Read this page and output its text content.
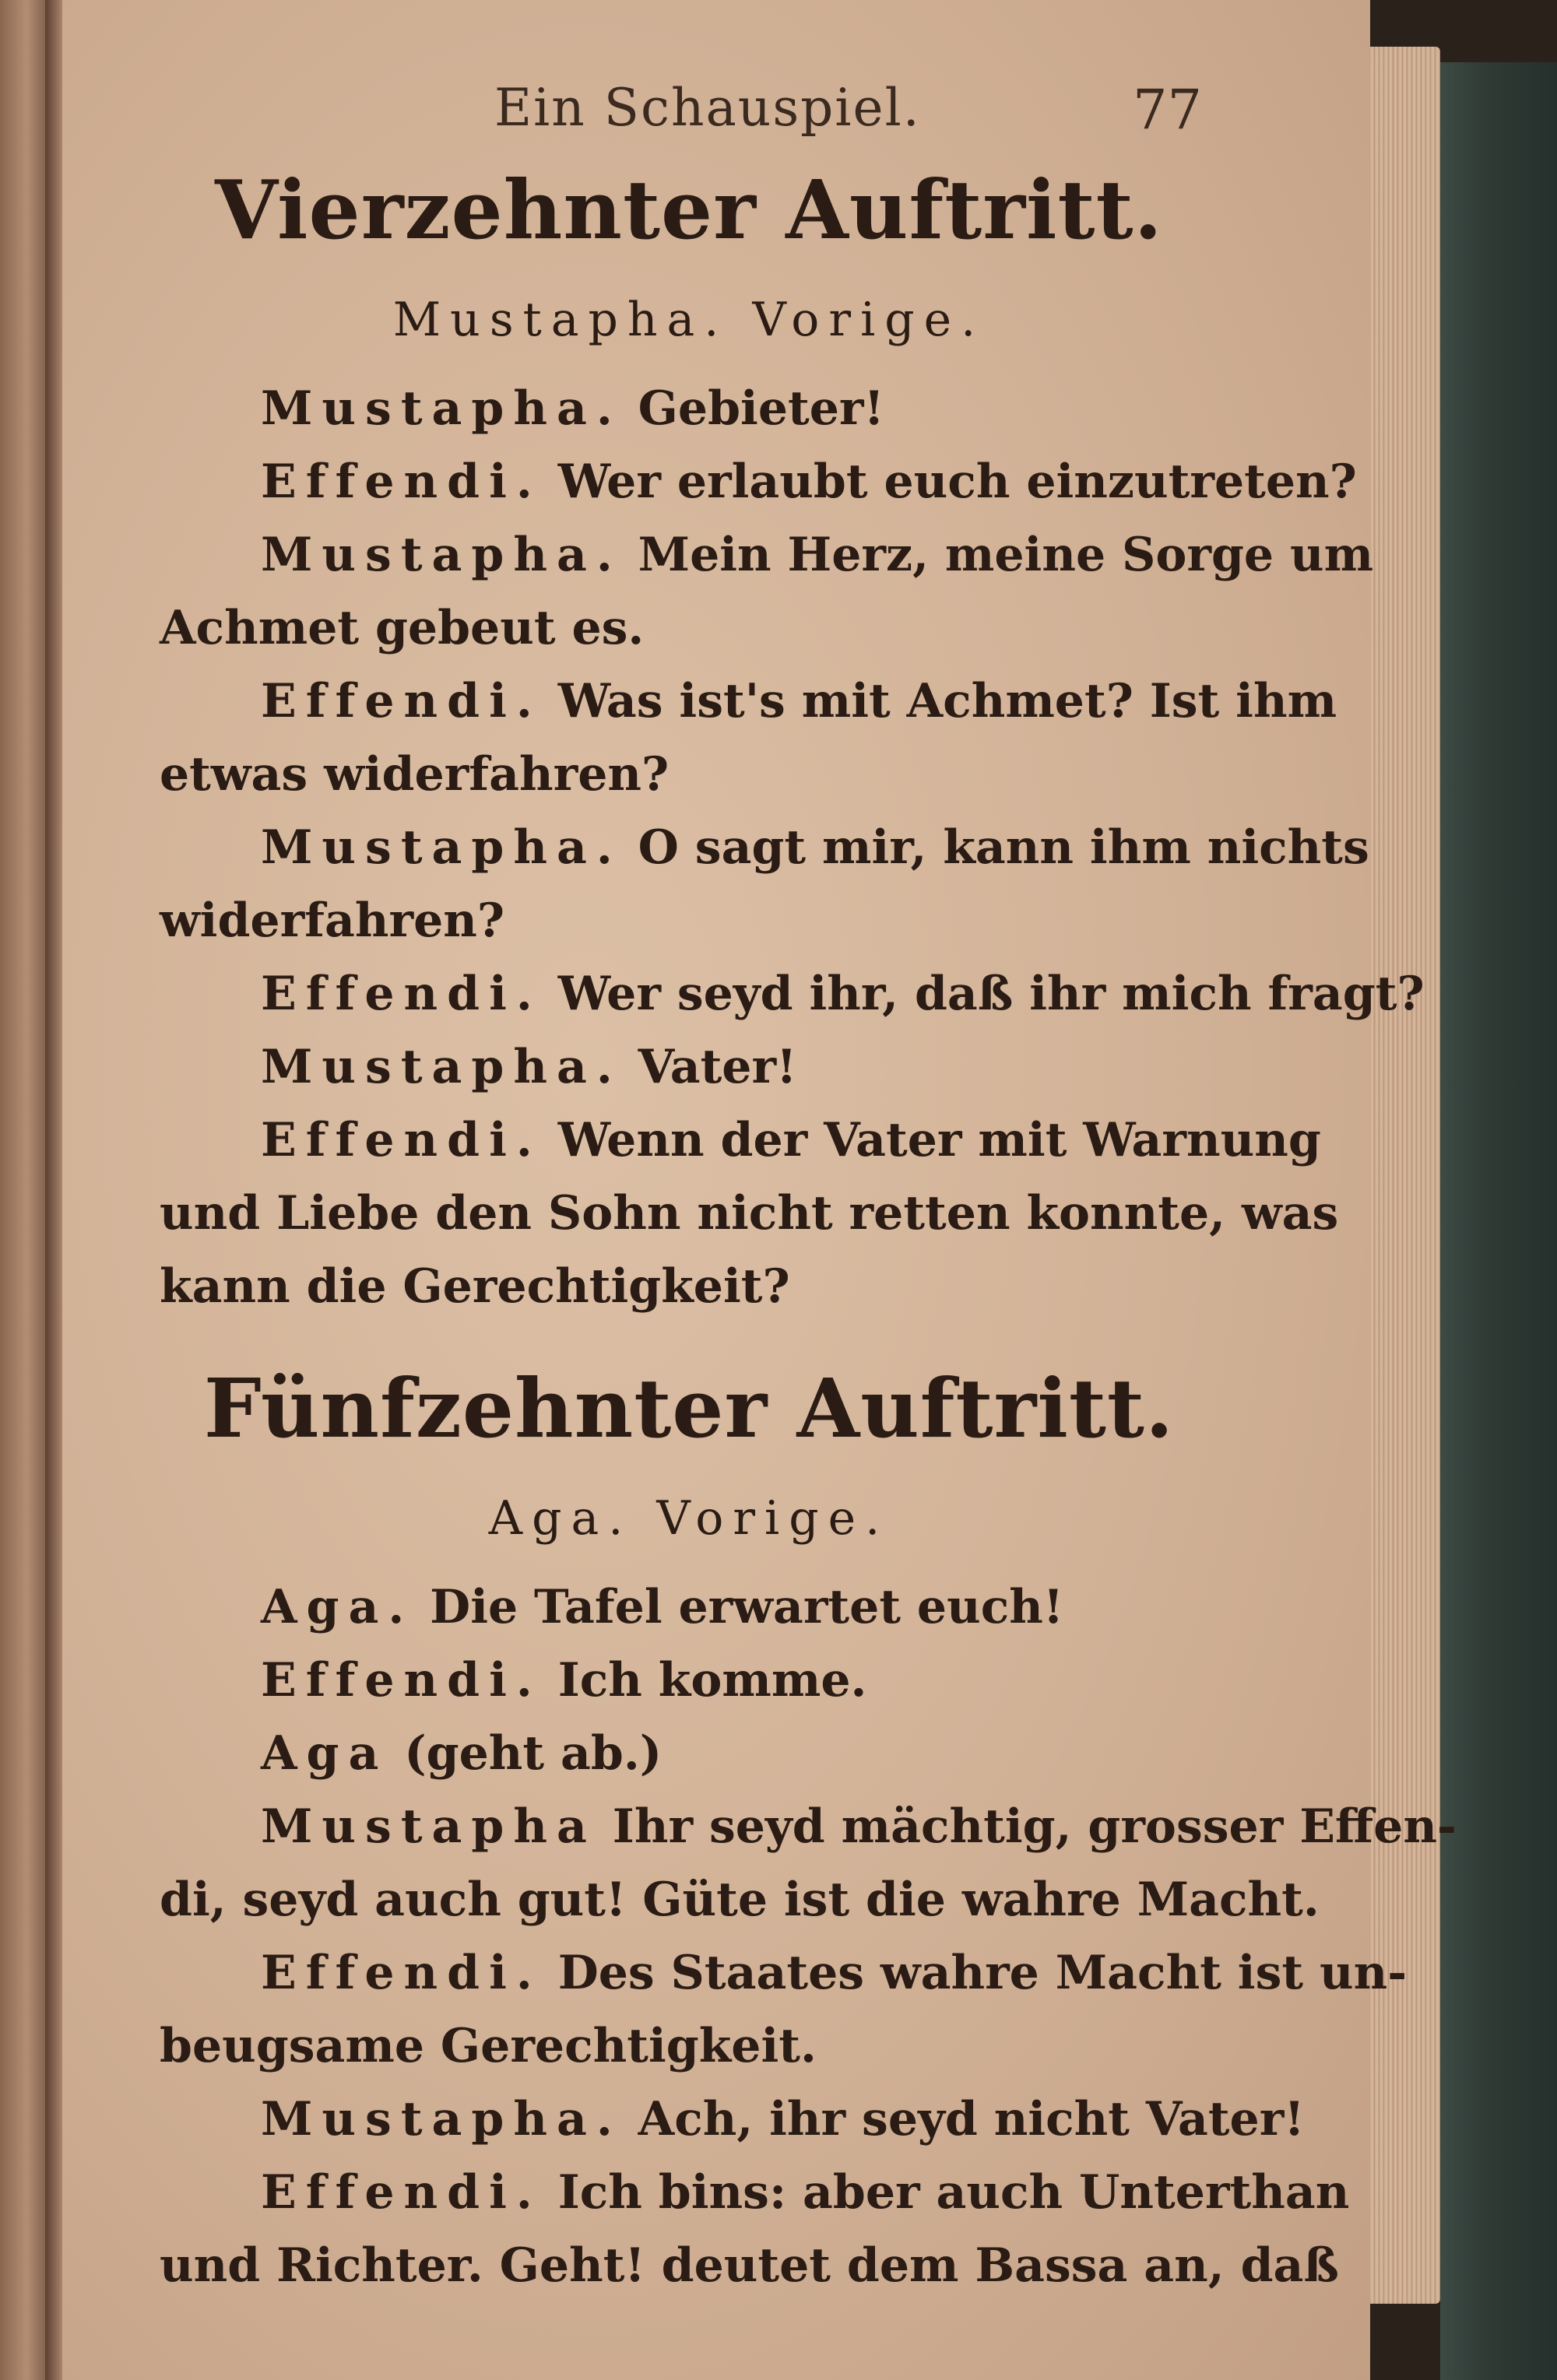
Ein Schauspiel.	77
Vierzehnter Auftritt.
Mustapha. Vorige.

Mustapha. Gebieter!

Effendi. Wer erlaubt euch einzutreten?

Mustapha. Mein Herz, meine Sorge um

Achmet gebeut es.

Effendi. Was ist's mit Achmet? Ist ihm

etwas widerfahren?

Mustapha. O sagt mir, kann ihm nichts

widerfahren?

Effendi. Wer seyd ihr, daß ihr mich fragt?

Mustapha. Vater!

Effendi. Wenn der Vater mit Warnung

und Liebe den Sohn nicht retten konnte, was

kann die Gerechtigkeit?

Fünfzehnter Auftritt.
Aga. Vorige.

Aga. Die Tafel erwartet euch!

Effendi. Ich komme.

Aga (geht ab.)

Mustapha Ihr seyd mächtig, grosser Effen-

di, seyd auch gut! Güte ist die wahre Macht.

Effendi. Des Staates wahre Macht ist un-

beugsame Gerechtigkeit.

Mustapha. Ach, ihr seyd nicht Vater!

Effendi. Ich bins: aber auch Unterthan

und Richter. Geht! deutet dem Bassa an, daß
